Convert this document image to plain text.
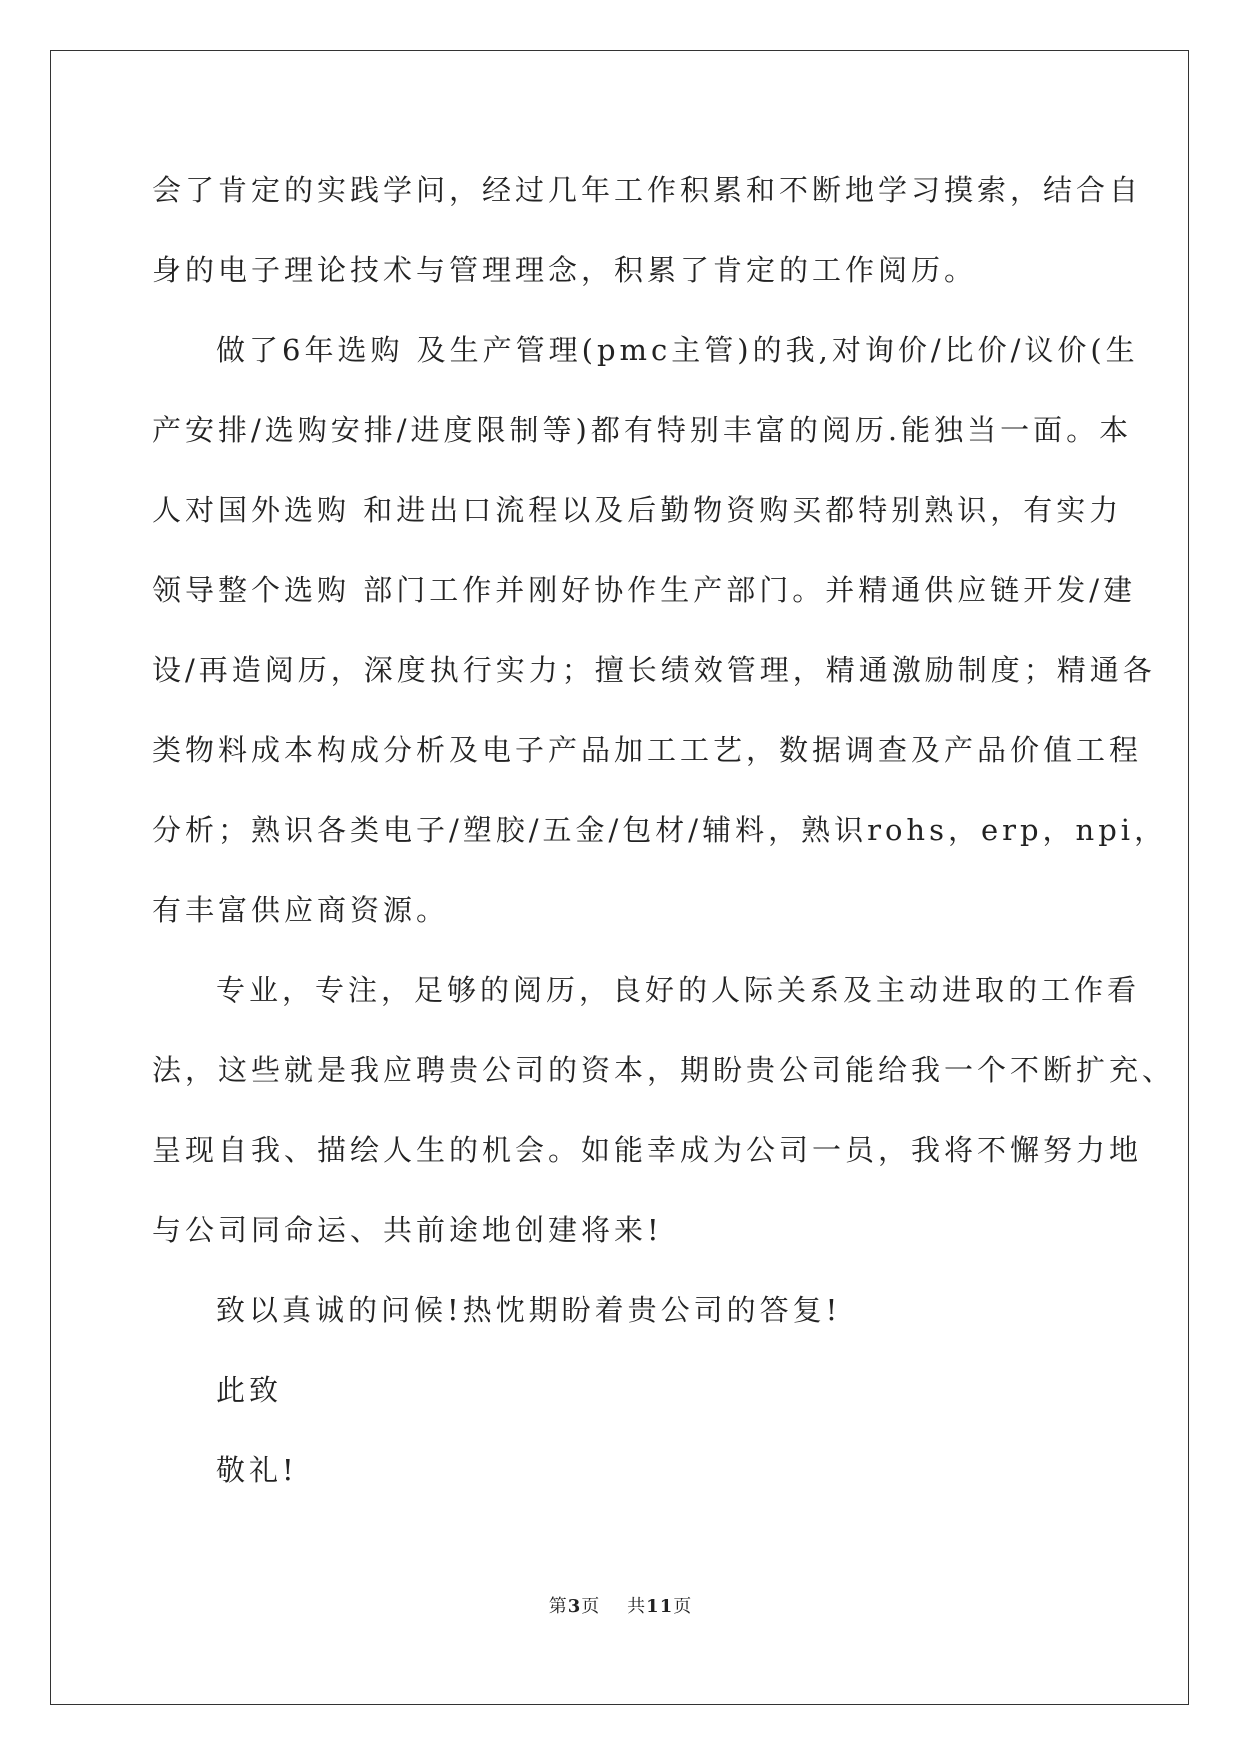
会了肯定的实践学问，经过几年工作积累和不断地学习摸索，结合自
身的电子理论技术与管理理念，积累了肯定的工作阅历。
做了6年选购 及生产管理(pmc主管)的我,对询价/比价/议价(生
产安排/选购安排/进度限制等)都有特别丰富的阅历.能独当一面。本
人对国外选购 和进出口流程以及后勤物资购买都特别熟识，有实力
领导整个选购 部门工作并刚好协作生产部门。并精通供应链开发/建
设/再造阅历，深度执行实力；擅长绩效管理，精通激励制度；精通各
类物料成本构成分析及电子产品加工工艺，数据调查及产品价值工程
分析；熟识各类电子/塑胶/五金/包材/辅料，熟识rohs，erp，npi，
有丰富供应商资源。
专业，专注，足够的阅历，良好的人际关系及主动进取的工作看
法，这些就是我应聘贵公司的资本，期盼贵公司能给我一个不断扩充、
呈现自我、描绘人生的机会。如能幸成为公司一员，我将不懈努力地
与公司同命运、共前途地创建将来!
致以真诚的问候!热忱期盼着贵公司的答复!
此致
敬礼!
第3页    共11页
